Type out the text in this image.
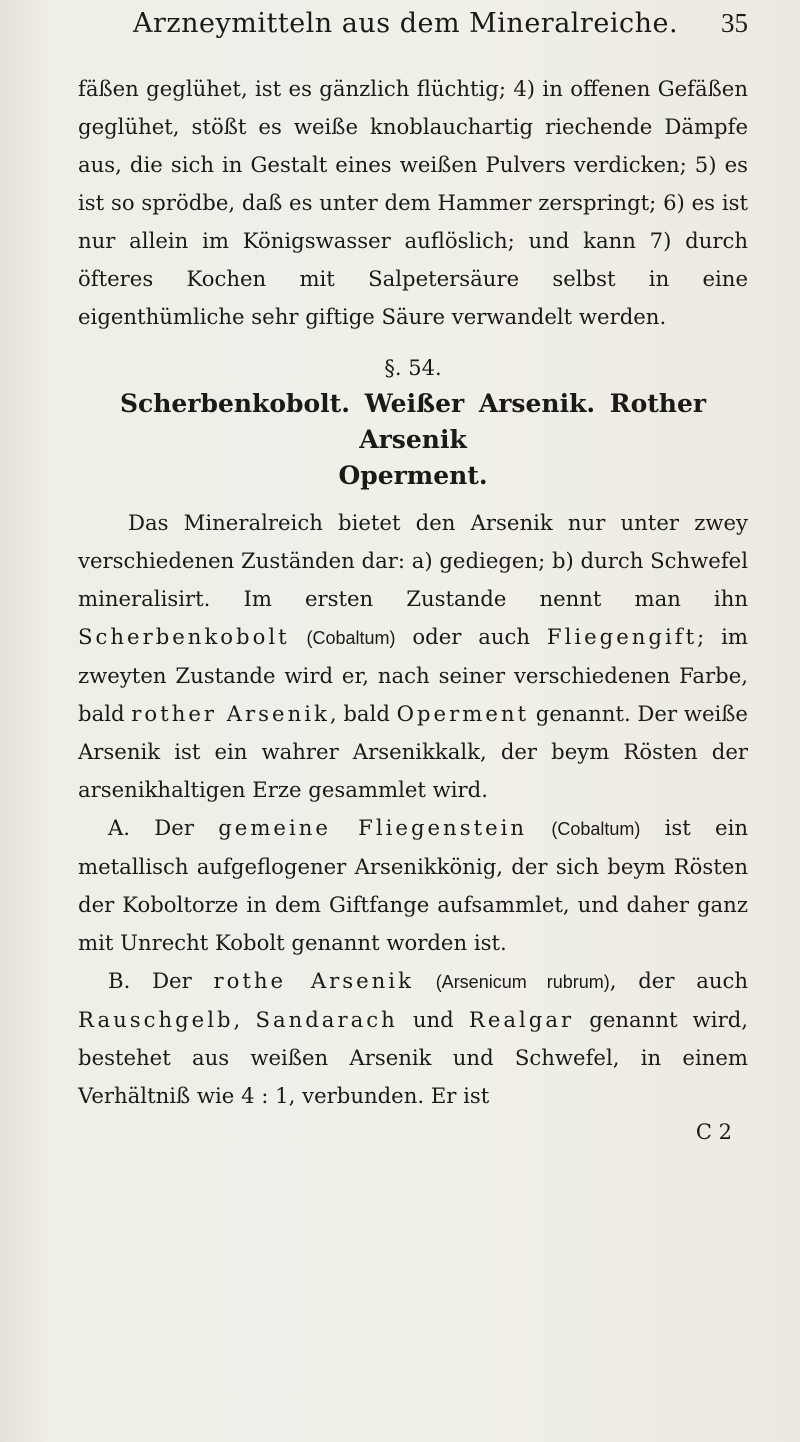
Arzneymitteln aus dem Mineralreiche. 35

fäßen geglühet, ist es gänzlich flüchtig; 4) in offenen Gefäßen geglühet, stößt es weiße knoblauchartig riechende Dämpfe aus, die sich in Gestalt eines weißen Pulvers verdicken; 5) es ist so sprödbe, daß es unter dem Hammer zerspringt; 6) es ist nur allein im Königswasser auflöslich; und kann 7) durch öfteres Kochen mit Salpetersäure selbst in eine eigenthümliche sehr giftige Säure verwandelt werden.

§. 54.
Scherbenkobolt. Weißer Arsenik. Rother Arsenik
Operment.

Das Mineralreich bietet den Arsenik nur unter zwey verschiedenen Zuständen dar: a) gediegen; b) durch Schwefel mineralisirt. Im ersten Zustande nennt man ihn Scherbenkobolt (Cobaltum) oder auch Fliegengift; im zweyten Zustande wird er, nach seiner verschiedenen Farbe, bald rother Arsenik, bald Operment genannt. Der weiße Arsenik ist ein wahrer Arsenikkalk, der beym Rösten der arsenikhaltigen Erze gesammlet wird.

A. Der gemeine Fliegenstein (Cobaltum) ist ein metallisch aufgeflogener Arsenikkönig, der sich beym Rösten der Koboltorze in dem Giftfange aufsammlet, und daher ganz mit Unrecht Kobolt genannt worden ist.

B. Der rothe Arsenik (Arsenicum rubrum), der auch Rauschgelb, Sandarach und Realgar genannt wird, bestehet aus weißen Arsenik und Schwefel, in einem Verhältniß wie 4 : 1, verbunden. Er ist

C 2
